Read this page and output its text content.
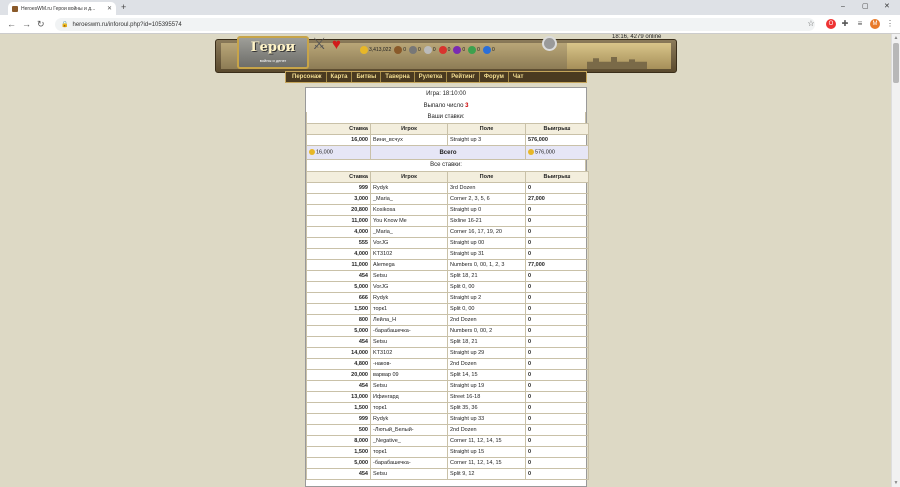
HeroesWM.ru Герои войны и д...	✕ +	– ▢ ✕
← → ↻	🔒 heroeswm.ru/inforoul.php?id=105395574	☆	O	✚	≡	M	⋮
Герои
войны и денег
⚔ ♥	3,413,022 0 0 0 0 0 0 0
18:16, 4279 online
Персонаж	Карта	Битвы	Таверна	Рулетка	Рейтинг	Форум	Чат
Игра: 18:10:00
Выпало число 3
Ваши ставки:
Ставка	Игрок	Поле	Выигрыш
16,000	Вини_всчух	Straight up 3	576,000
16,000	Всего		576,000
Все ставки:
Ставка	Игрок	Поле	Выигрыш
999	Rydyk	3rd Dozen	0
3,000	_Maria_	Corner 2, 3, 5, 6	27,000
20,800	Kosikosa	Straight up 0	0
11,000	You Know Me	Sixline 16-21	0
4,000	_Maria_	Corner 16, 17, 19, 20	0
555	VorJG	Straight up 00	0
4,000	KT3102	Straight up 31	0
11,000	Alemega	Numbers 0, 00, 1, 2, 3	77,000
454	Setsu	Split 18, 21	0
5,000	VorJG	Split 0, 00	0
666	Rydyk	Straight up 2	0
1,500	торк1	Split 0, 00	0
800	Лейла_Н	2nd Dozen	0
5,000	-барабашечка-	Numbers 0, 00, 2	0
454	Setsu	Split 18, 21	0
14,000	KT3102	Straight up 29	0
4,800	-наков-	2nd Dozen	0
20,000	варвар 09	Split 14, 15	0
454	Setsu	Straight up 19	0
13,000	Ифингард	Street 16-18	0
1,500	торк1	Split 35, 36	0
999	Rydyk	Straight up 33	0
500	-Лютый_Белый-	2nd Dozen	0
8,000	_Negative_	Corner 11, 12, 14, 15	0
1,500	торк1	Straight up 15	0
5,000	-барабашечка-	Corner 11, 12, 14, 15	0
454	Setsu	Split 9, 12	0
▲
▼
